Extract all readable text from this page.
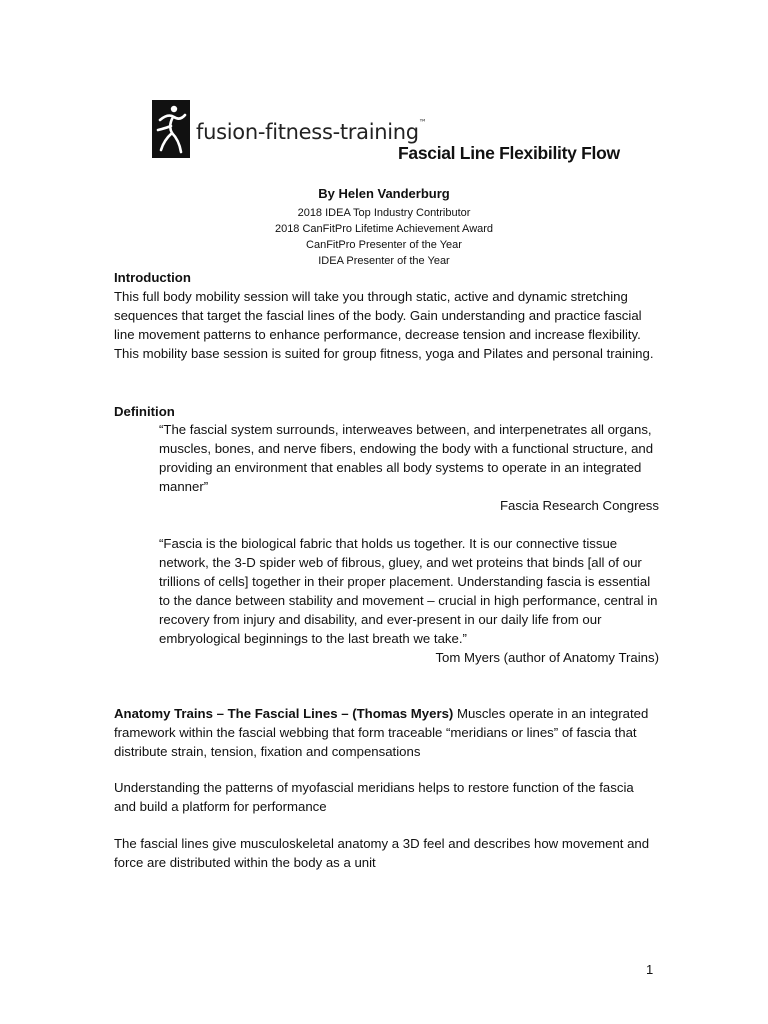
fusion-fitness-training™
Fascial Line Flexibility Flow
By Helen Vanderburg
2018 IDEA Top Industry Contributor
2018 CanFitPro Lifetime Achievement Award
CanFitPro Presenter of the Year
IDEA Presenter of the Year

Introduction

This full body mobility session will take you through static, active and dynamic stretching sequences that target the fascial lines of the body. Gain understanding and practice fascial line movement patterns to enhance performance, decrease tension and increase flexibility. This mobility base session is suited for group fitness, yoga and Pilates and personal training.

Definition

“The fascial system surrounds, interweaves between, and interpenetrates all organs, muscles, bones, and nerve fibers, endowing the body with a functional structure, and providing an environment that enables all body systems to operate in an integrated manner”

Fascia Research Congress

“Fascia is the biological fabric that holds us together. It is our connective tissue network, the 3-D spider web of fibrous, gluey, and wet proteins that binds [all of our trillions of cells] together in their proper placement. Understanding fascia is essential to the dance between stability and movement – crucial in high performance, central in recovery from injury and disability, and ever-present in our daily life from our embryological beginnings to the last breath we take.”

Tom Myers (author of Anatomy Trains)

Anatomy Trains – The Fascial Lines – (Thomas Myers) Muscles operate in an integrated framework within the fascial webbing that form traceable “meridians or lines” of fascia that distribute strain, tension, fixation and compensations

Understanding the patterns of myofascial meridians helps to restore function of the fascia and build a platform for performance
The fascial lines give musculoskeletal anatomy a 3D feel and describes how movement and force are distributed within the body as a unit
1
